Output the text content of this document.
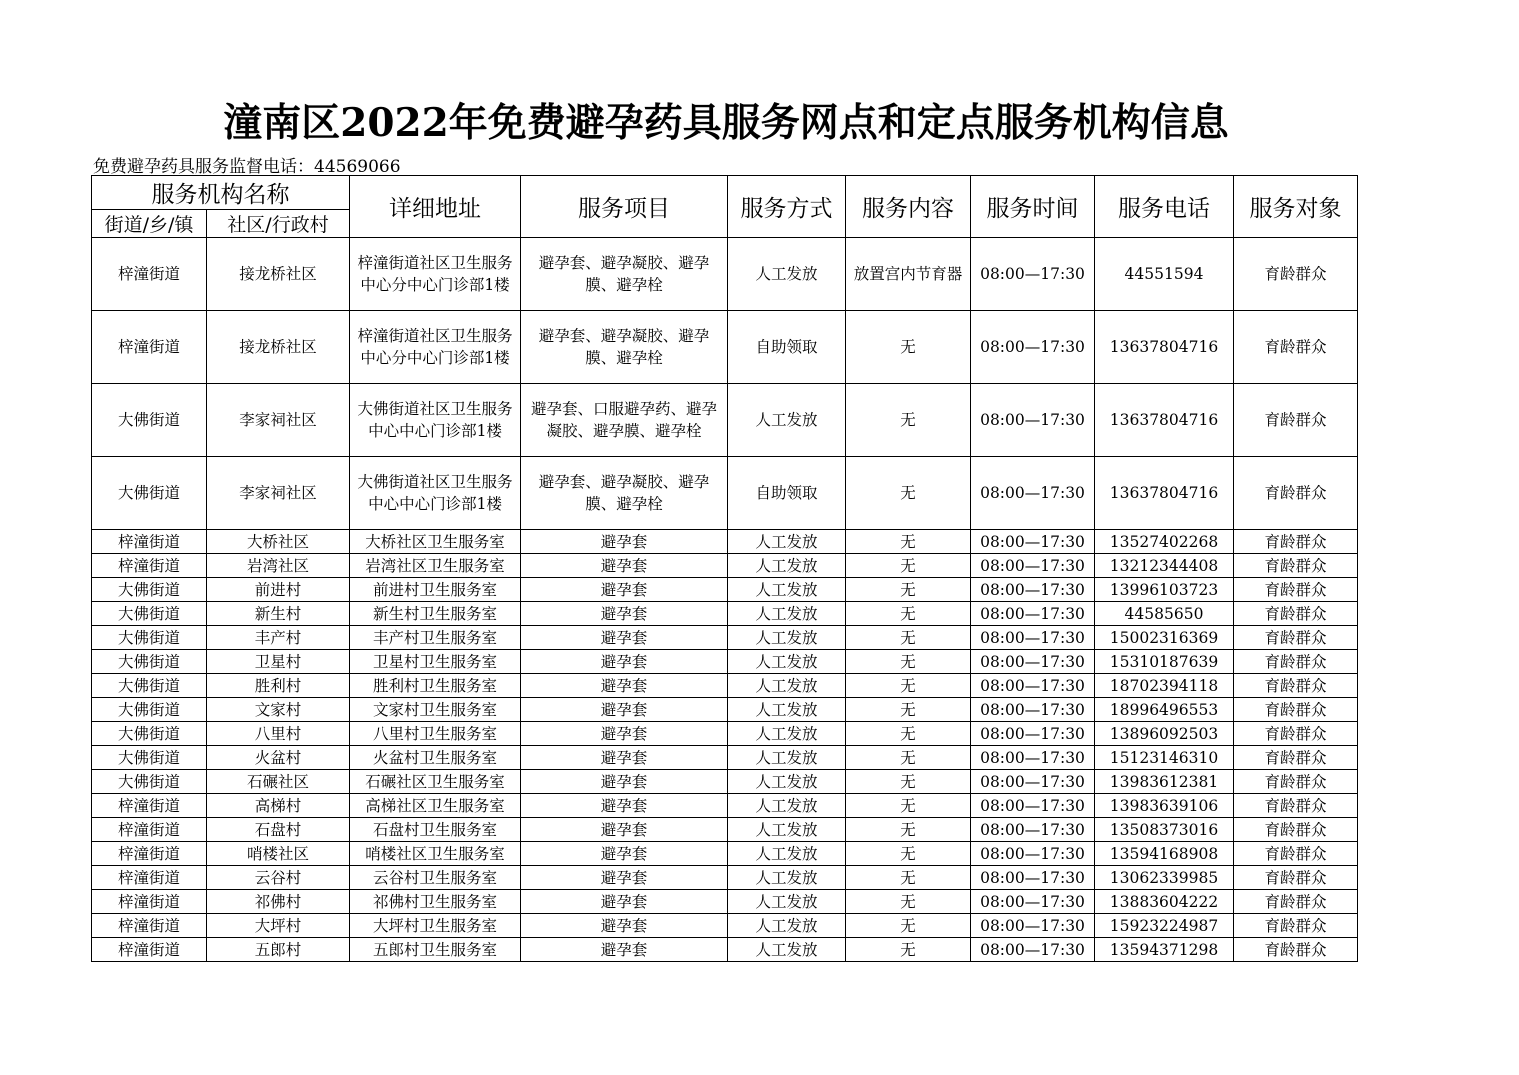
潼南区2022年免费避孕药具服务网点和定点服务机构信息
免费避孕药具服务监督电话：44569066
服务机构名称		详细地址	服务项目	服务方式	服务内容	服务时间	服务电话	服务对象
街道/乡/镇	社区/行政村							
梓潼街道	接龙桥社区	梓潼街道社区卫生服务中心分中心门诊部1楼	避孕套、避孕凝胶、避孕膜、避孕栓	人工发放	放置宫内节育器	08:00—17:30	44551594	育龄群众
梓潼街道	接龙桥社区	梓潼街道社区卫生服务中心分中心门诊部1楼	避孕套、避孕凝胶、避孕膜、避孕栓	自助领取	无	08:00—17:30	13637804716	育龄群众
大佛街道	李家祠社区	大佛街道社区卫生服务中心中心门诊部1楼	避孕套、口服避孕药、避孕凝胶、避孕膜、避孕栓	人工发放	无	08:00—17:30	13637804716	育龄群众
大佛街道	李家祠社区	大佛街道社区卫生服务中心中心门诊部1楼	避孕套、避孕凝胶、避孕膜、避孕栓	自助领取	无	08:00—17:30	13637804716	育龄群众
梓潼街道	大桥社区	大桥社区卫生服务室	避孕套	人工发放	无	08:00—17:30	13527402268	育龄群众
梓潼街道	岩湾社区	岩湾社区卫生服务室	避孕套	人工发放	无	08:00—17:30	13212344408	育龄群众
大佛街道	前进村	前进村卫生服务室	避孕套	人工发放	无	08:00—17:30	13996103723	育龄群众
大佛街道	新生村	新生村卫生服务室	避孕套	人工发放	无	08:00—17:30	44585650	育龄群众
大佛街道	丰产村	丰产村卫生服务室	避孕套	人工发放	无	08:00—17:30	15002316369	育龄群众
大佛街道	卫星村	卫星村卫生服务室	避孕套	人工发放	无	08:00—17:30	15310187639	育龄群众
大佛街道	胜利村	胜利村卫生服务室	避孕套	人工发放	无	08:00—17:30	18702394118	育龄群众
大佛街道	文家村	文家村卫生服务室	避孕套	人工发放	无	08:00—17:30	18996496553	育龄群众
大佛街道	八里村	八里村卫生服务室	避孕套	人工发放	无	08:00—17:30	13896092503	育龄群众
大佛街道	火盆村	火盆村卫生服务室	避孕套	人工发放	无	08:00—17:30	15123146310	育龄群众
大佛街道	石碾社区	石碾社区卫生服务室	避孕套	人工发放	无	08:00—17:30	13983612381	育龄群众
梓潼街道	高梯村	高梯社区卫生服务室	避孕套	人工发放	无	08:00—17:30	13983639106	育龄群众
梓潼街道	石盘村	石盘村卫生服务室	避孕套	人工发放	无	08:00—17:30	13508373016	育龄群众
梓潼街道	哨楼社区	哨楼社区卫生服务室	避孕套	人工发放	无	08:00—17:30	13594168908	育龄群众
梓潼街道	云谷村	云谷村卫生服务室	避孕套	人工发放	无	08:00—17:30	13062339985	育龄群众
梓潼街道	祁佛村	祁佛村卫生服务室	避孕套	人工发放	无	08:00—17:30	13883604222	育龄群众
梓潼街道	大坪村	大坪村卫生服务室	避孕套	人工发放	无	08:00—17:30	15923224987	育龄群众
梓潼街道	五郎村	五郎村卫生服务室	避孕套	人工发放	无	08:00—17:30	13594371298	育龄群众
